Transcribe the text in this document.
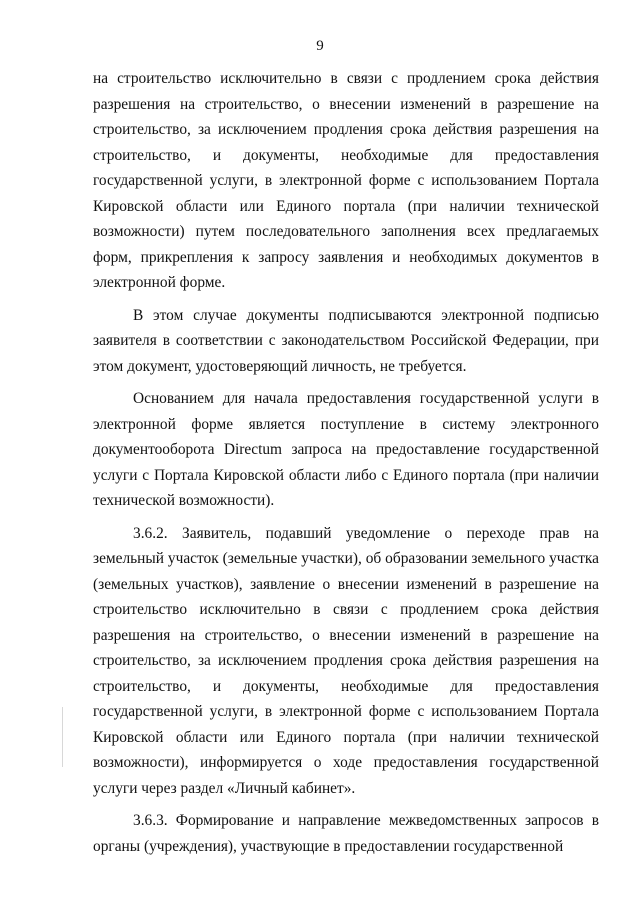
9

на строительство исключительно в связи с продлением срока действия разрешения на строительство, о внесении изменений в разрешение на строительство, за исключением продления срока действия разрешения на строительство, и документы, необходимые для предоставления государственной услуги, в электронной форме с использованием Портала Кировской области или Единого портала (при наличии технической возможности) путем последовательного заполнения всех предлагаемых форм, прикрепления к запросу заявления и необходимых документов в электронной форме.

В этом случае документы подписываются электронной подписью заявителя в соответствии с законодательством Российской Федерации, при этом документ, удостоверяющий личность, не требуется.

Основанием для начала предоставления государственной услуги в электронной форме является поступление в систему электронного документооборота Directum запроса на предоставление государственной услуги с Портала Кировской области либо с Единого портала (при наличии технической возможности).

3.6.2. Заявитель, подавший уведомление о переходе прав на земельный участок (земельные участки), об образовании земельного участка (земельных участков), заявление о внесении изменений в разрешение на строительство исключительно в связи с продлением срока действия разрешения на строительство, о внесении изменений в разрешение на строительство, за исключением продления срока действия разрешения на строительство, и документы, необходимые для предоставления государственной услуги, в электронной форме с использованием Портала Кировской области или Единого портала (при наличии технической возможности), информируется о ходе предоставления государственной услуги через раздел «Личный кабинет».

3.6.3. Формирование и направление межведомственных запросов в органы (учреждения), участвующие в предоставлении государственной
